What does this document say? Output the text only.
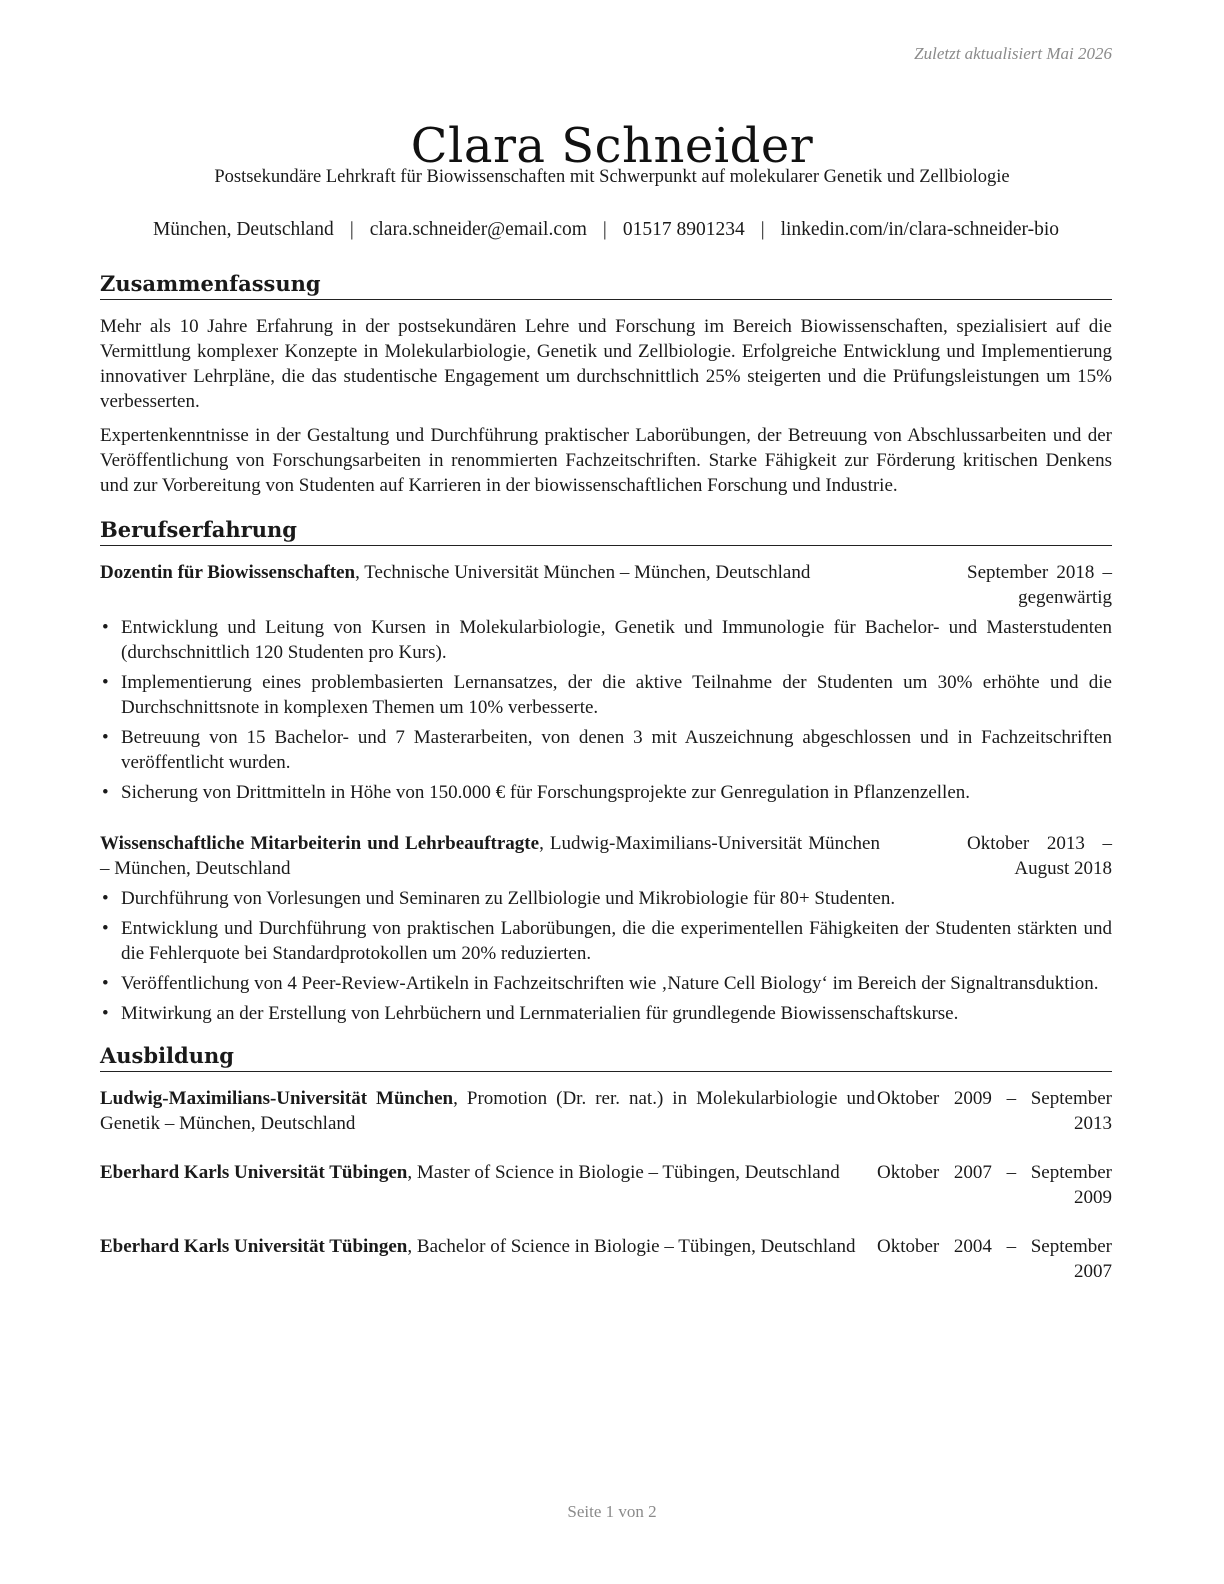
Zuletzt aktualisiert Mai 2026
Clara Schneider
Postsekundäre Lehrkraft für Biowissenschaften mit Schwerpunkt auf molekularer Genetik und Zellbiologie
München, Deutschland | clara.schneider@email.com | 01517 8901234 | linkedin.com/in/clara-schneider-bio
Zusammenfassung

Mehr als 10 Jahre Erfahrung in der postsekundären Lehre und Forschung im Bereich Biowissenschaften, spezialisiert auf die Vermittlung komplexer Konzepte in Molekularbiologie, Genetik und Zellbiologie. Erfolgreiche Entwicklung und Implementierung innovativer Lehrpläne, die das studentische Engagement um durchschnittlich 25% steigerten und die Prüfungsleistungen um 15% verbesserten.

Expertenkenntnisse in der Gestaltung und Durchführung praktischer Laborübungen, der Betreuung von Abschlussarbeiten und der Veröffentlichung von Forschungsarbeiten in renommierten Fachzeitschriften. Starke Fähigkeit zur Förderung kritischen Denkens und zur Vorbereitung von Studenten auf Karrieren in der biowissenschaftlichen Forschung und Industrie.

Berufserfahrung
Dozentin für Biowissenschaften, Technische Universität München – München, Deutschland	September 2018 – gegenwärtig
• Entwicklung und Leitung von Kursen in Molekularbiologie, Genetik und Immunologie für Bachelor- und Masterstudenten (durchschnittlich 120 Studenten pro Kurs).
• Implementierung eines problembasierten Lernansatzes, der die aktive Teilnahme der Studenten um 30% erhöhte und die Durchschnittsnote in komplexen Themen um 10% verbesserte.
• Betreuung von 15 Bachelor- und 7 Masterarbeiten, von denen 3 mit Auszeichnung abgeschlossen und in Fachzeitschriften veröffentlicht wurden.
• Sicherung von Drittmitteln in Höhe von 150.000 € für Forschungsprojekte zur Genregulation in Pflanzenzellen.
Wissenschaftliche Mitarbeiterin und Lehrbeauftragte, Ludwig-Maximilians-Universität München – München, Deutschland
Oktober 2013 – August 2018
• Durchführung von Vorlesungen und Seminaren zu Zellbiologie und Mikrobiologie für 80+ Studenten.
• Entwicklung und Durchführung von praktischen Laborübungen, die die experimentellen Fähigkeiten der Studenten stärkten und die Fehlerquote bei Standardprotokollen um 20% reduzierten.
• Veröffentlichung von 4 Peer-Review-Artikeln in Fachzeitschriften wie ‚Nature Cell Biology‘ im Bereich der Signaltransduktion.
• Mitwirkung an der Erstellung von Lehrbüchern und Lernmaterialien für grundlegende Biowissenschaftskurse.
Ausbildung
Ludwig-Maximilians-Universität München, Promotion (Dr. rer. nat.) in Molekularbiologie und Genetik – München, Deutschland
Oktober 2009 – September 2013
Eberhard Karls Universität Tübingen, Master of Science in Biologie – Tübingen, Deutschland	Oktober 2007 – September 2009
Eberhard Karls Universität Tübingen, Bachelor of Science in Biologie – Tübingen, Deutschland	Oktober 2004 – September 2007
Seite 1 von 2
